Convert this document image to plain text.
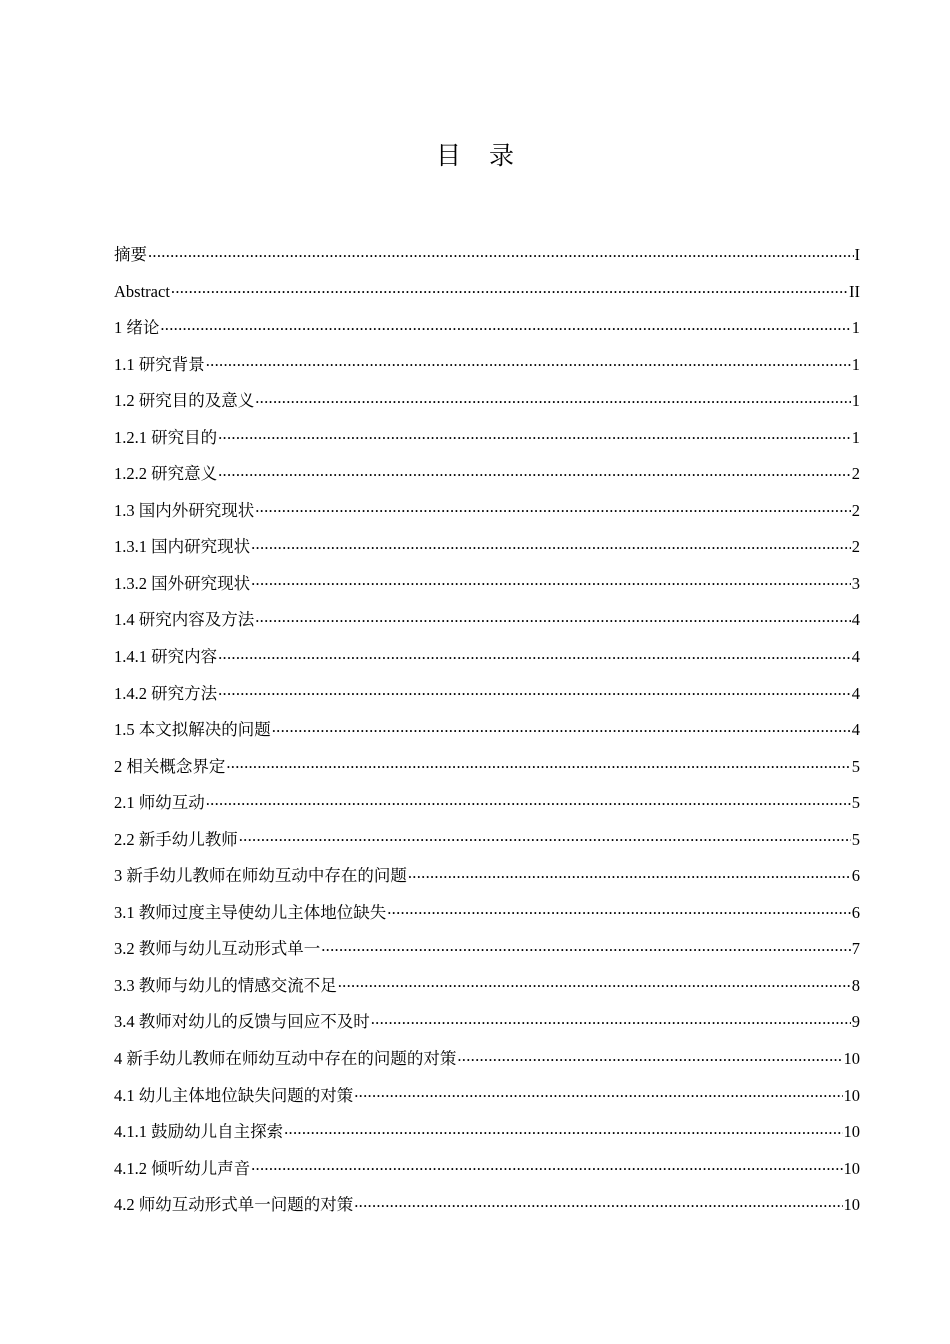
目 录
摘要 .....	I
Abstract .....	II
1 绪论 .....	1
1.1 研究背景 .....	1
1.2 研究目的及意义 .....	1
1.2.1 研究目的 .....	1
1.2.2 研究意义 .....	2
1.3 国内外研究现状 .....	2
1.3.1 国内研究现状 .....	2
1.3.2 国外研究现状 .....	3
1.4 研究内容及方法 .....	4
1.4.1 研究内容 .....	4
1.4.2 研究方法 .....	4
1.5 本文拟解决的问题 .....	4
2 相关概念界定 .....	5
2.1 师幼互动 .....	5
2.2 新手幼儿教师 .....	5
3 新手幼儿教师在师幼互动中存在的问题 .....	6
3.1 教师过度主导使幼儿主体地位缺失 .....	6
3.2 教师与幼儿互动形式单一 .....	7
3.3 教师与幼儿的情感交流不足 .....	8
3.4 教师对幼儿的反馈与回应不及时 .....	9
4 新手幼儿教师在师幼互动中存在的问题的对策 .....	10
4.1 幼儿主体地位缺失问题的对策 .....	10
4.1.1 鼓励幼儿自主探索 .....	10
4.1.2 倾听幼儿声音 .....	10
4.2 师幼互动形式单一问题的对策 .....	10
